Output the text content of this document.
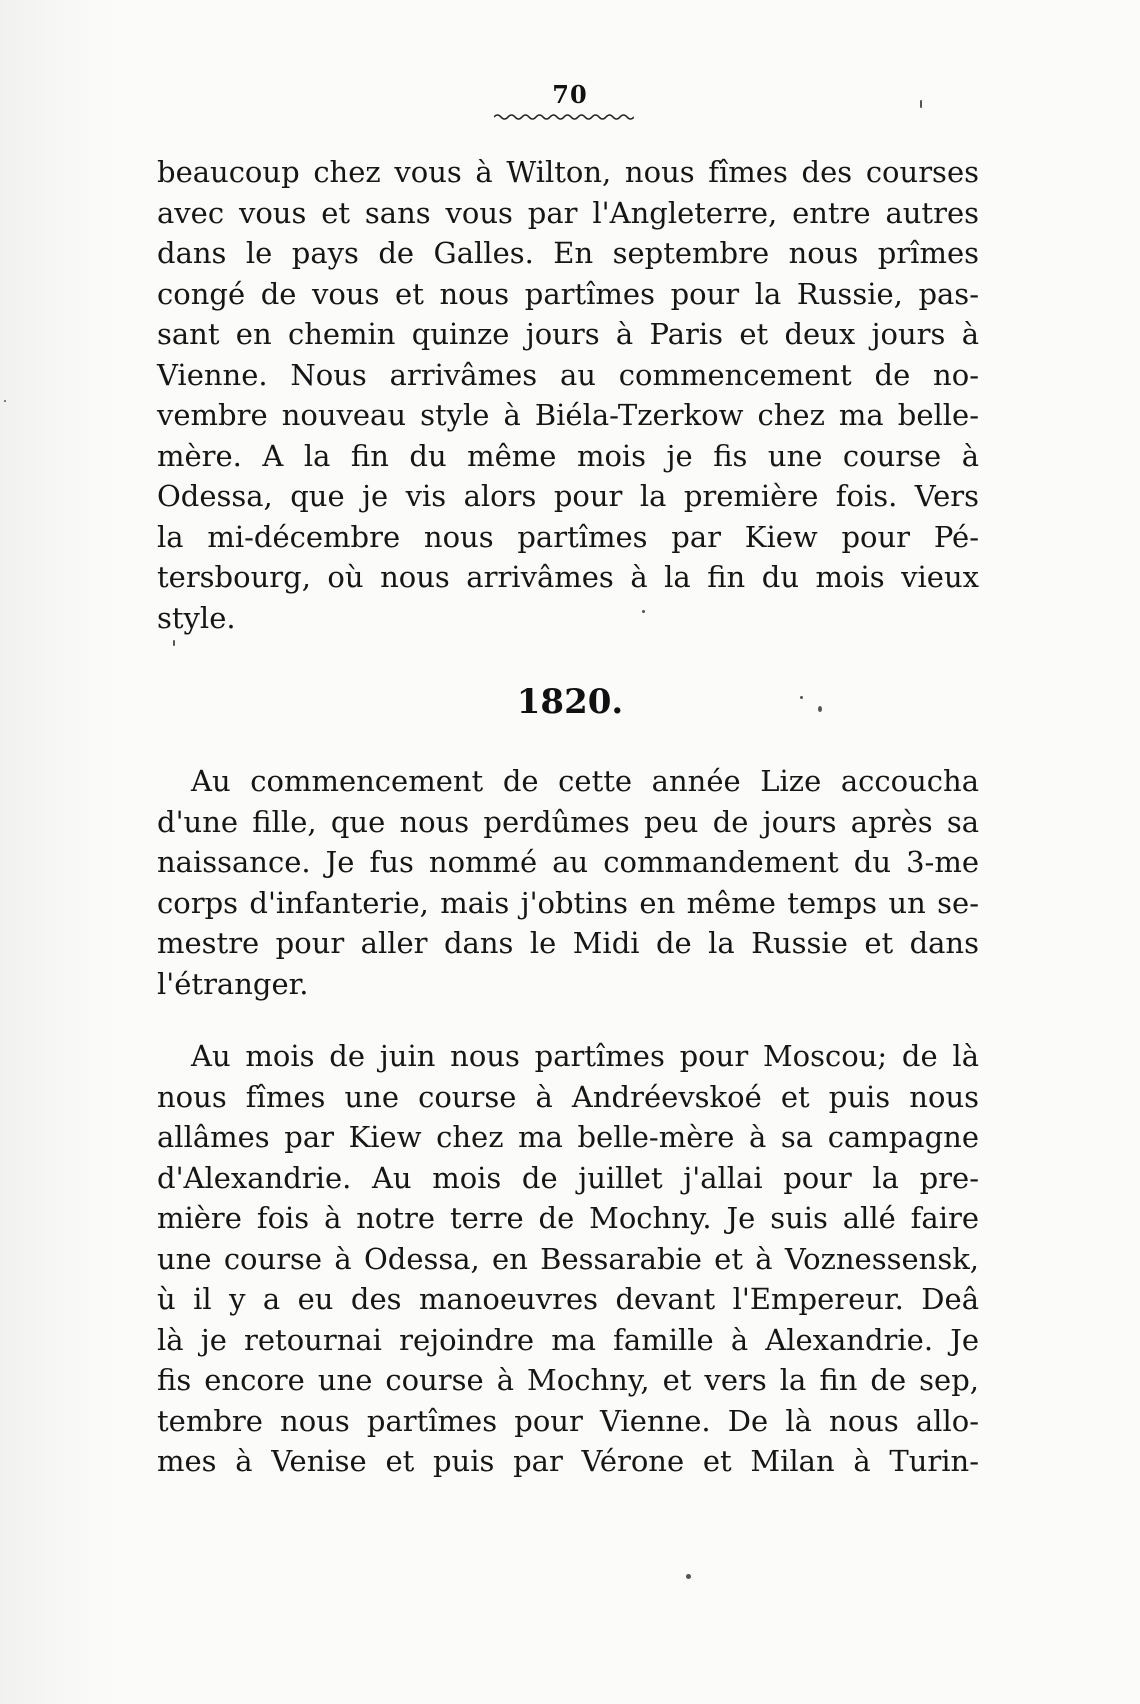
70
beaucoup chez vous à Wilton, nous fîmes des courses
avec vous et sans vous par l'Angleterre, entre autres
dans le pays de Galles. En septembre nous prîmes
congé de vous et nous partîmes pour la Russie, pas-
sant en chemin quinze jours à Paris et deux jours à
Vienne. Nous arrivâmes au commencement de no-
vembre nouveau style à Biéla-Tzerkow chez ma belle-
mère. A la fin du même mois je fis une course à
Odessa, que je vis alors pour la première fois. Vers
la mi-décembre nous partîmes par Kiew pour Pé-
tersbourg, où nous arrivâmes à la fin du mois vieux
style.
1820.
Au commencement de cette année Lize accoucha
d'une fille, que nous perdûmes peu de jours après sa
naissance. Je fus nommé au commandement du 3-me
corps d'infanterie, mais j'obtins en même temps un se-
mestre pour aller dans le Midi de la Russie et dans
l'étranger.
Au mois de juin nous partîmes pour Moscou; de là
nous fîmes une course à Andréevskoé et puis nous
allâmes par Kiew chez ma belle-mère à sa campagne
d'Alexandrie. Au mois de juillet j'allai pour la pre-
mière fois à notre terre de Mochny. Je suis allé faire
une course à Odessa, en Bessarabie et à Voznessensk,
ù il y a eu des manoeuvres devant l'Empereur. Deâ
là je retournai rejoindre ma famille à Alexandrie. Je
fis encore une course à Mochny, et vers la fin de sep,
tembre nous partîmes pour Vienne. De là nous allo-
mes à Venise et puis par Vérone et Milan à Turin-
